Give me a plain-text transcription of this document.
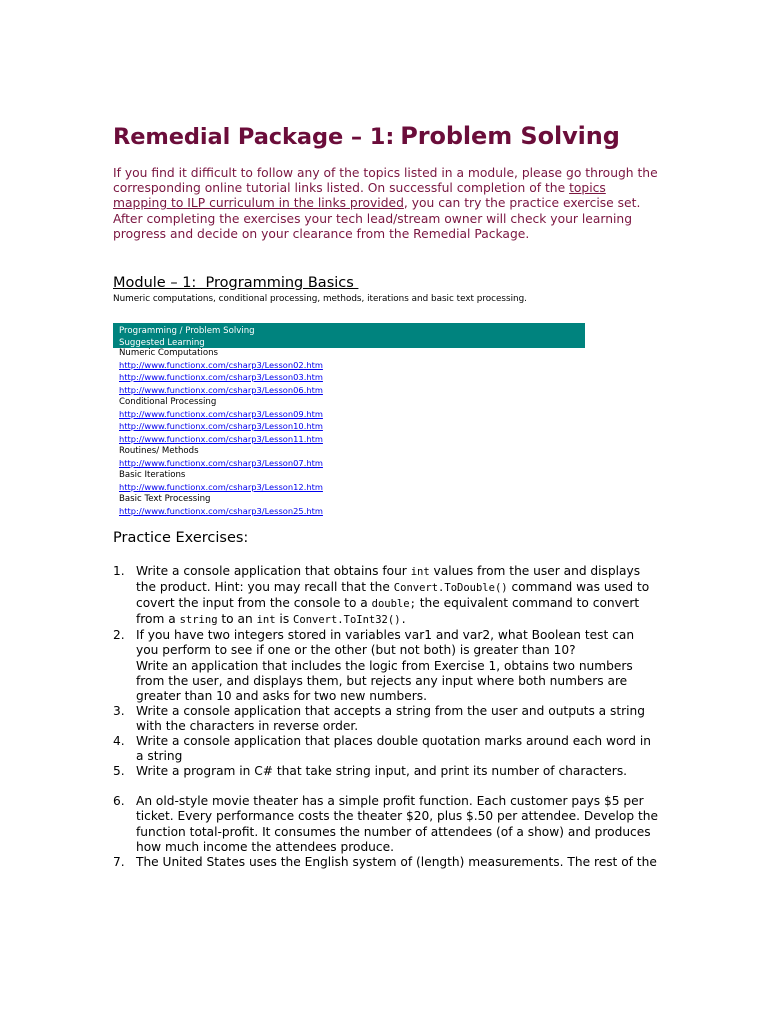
Remedial Package – 1: Problem Solving

If you find it difficult to follow any of the topics listed in a module, please go through the corresponding online tutorial links listed. On successful completion of the topics mapping to ILP curriculum in the links provided, you can try the practice exercise set. After completing the exercises your tech lead/stream owner will check your learning progress and decide on your clearance from the Remedial Package.

Module – 1:  Programming Basics

Numeric computations, conditional processing, methods, iterations and basic text processing.

Programming / Problem Solving
Suggested Learning
Numeric Computations
http://www.functionx.com/csharp3/Lesson02.htm
http://www.functionx.com/csharp3/Lesson03.htm
http://www.functionx.com/csharp3/Lesson06.htm
Conditional Processing
http://www.functionx.com/csharp3/Lesson09.htm
http://www.functionx.com/csharp3/Lesson10.htm
http://www.functionx.com/csharp3/Lesson11.htm
Routines/ Methods
http://www.functionx.com/csharp3/Lesson07.htm
Basic Iterations
http://www.functionx.com/csharp3/Lesson12.htm
Basic Text Processing
http://www.functionx.com/csharp3/Lesson25.htm
Practice Exercises:
1. Write a console application that obtains four int values from the user and displays the product. Hint: you may recall that the Convert.ToDouble() command was used to covert the input from the console to a double; the equivalent command to convert from a string to an int is Convert.ToInt32().
2. If you have two integers stored in variables var1 and var2, what Boolean test can you perform to see if one or the other (but not both) is greater than 10?
Write an application that includes the logic from Exercise 1, obtains two numbers from the user, and displays them, but rejects any input where both numbers are greater than 10 and asks for two new numbers.
3. Write a console application that accepts a string from the user and outputs a string with the characters in reverse order.
4. Write a console application that places double quotation marks around each word in a string
5. Write a program in C# that take string input, and print its number of characters.
6. An old-style movie theater has a simple profit function. Each customer pays $5 per ticket. Every performance costs the theater $20, plus $.50 per attendee. Develop the function total-profit. It consumes the number of attendees (of a show) and produces how much income the attendees produce.
7. The United States uses the English system of (length) measurements. The rest of the
